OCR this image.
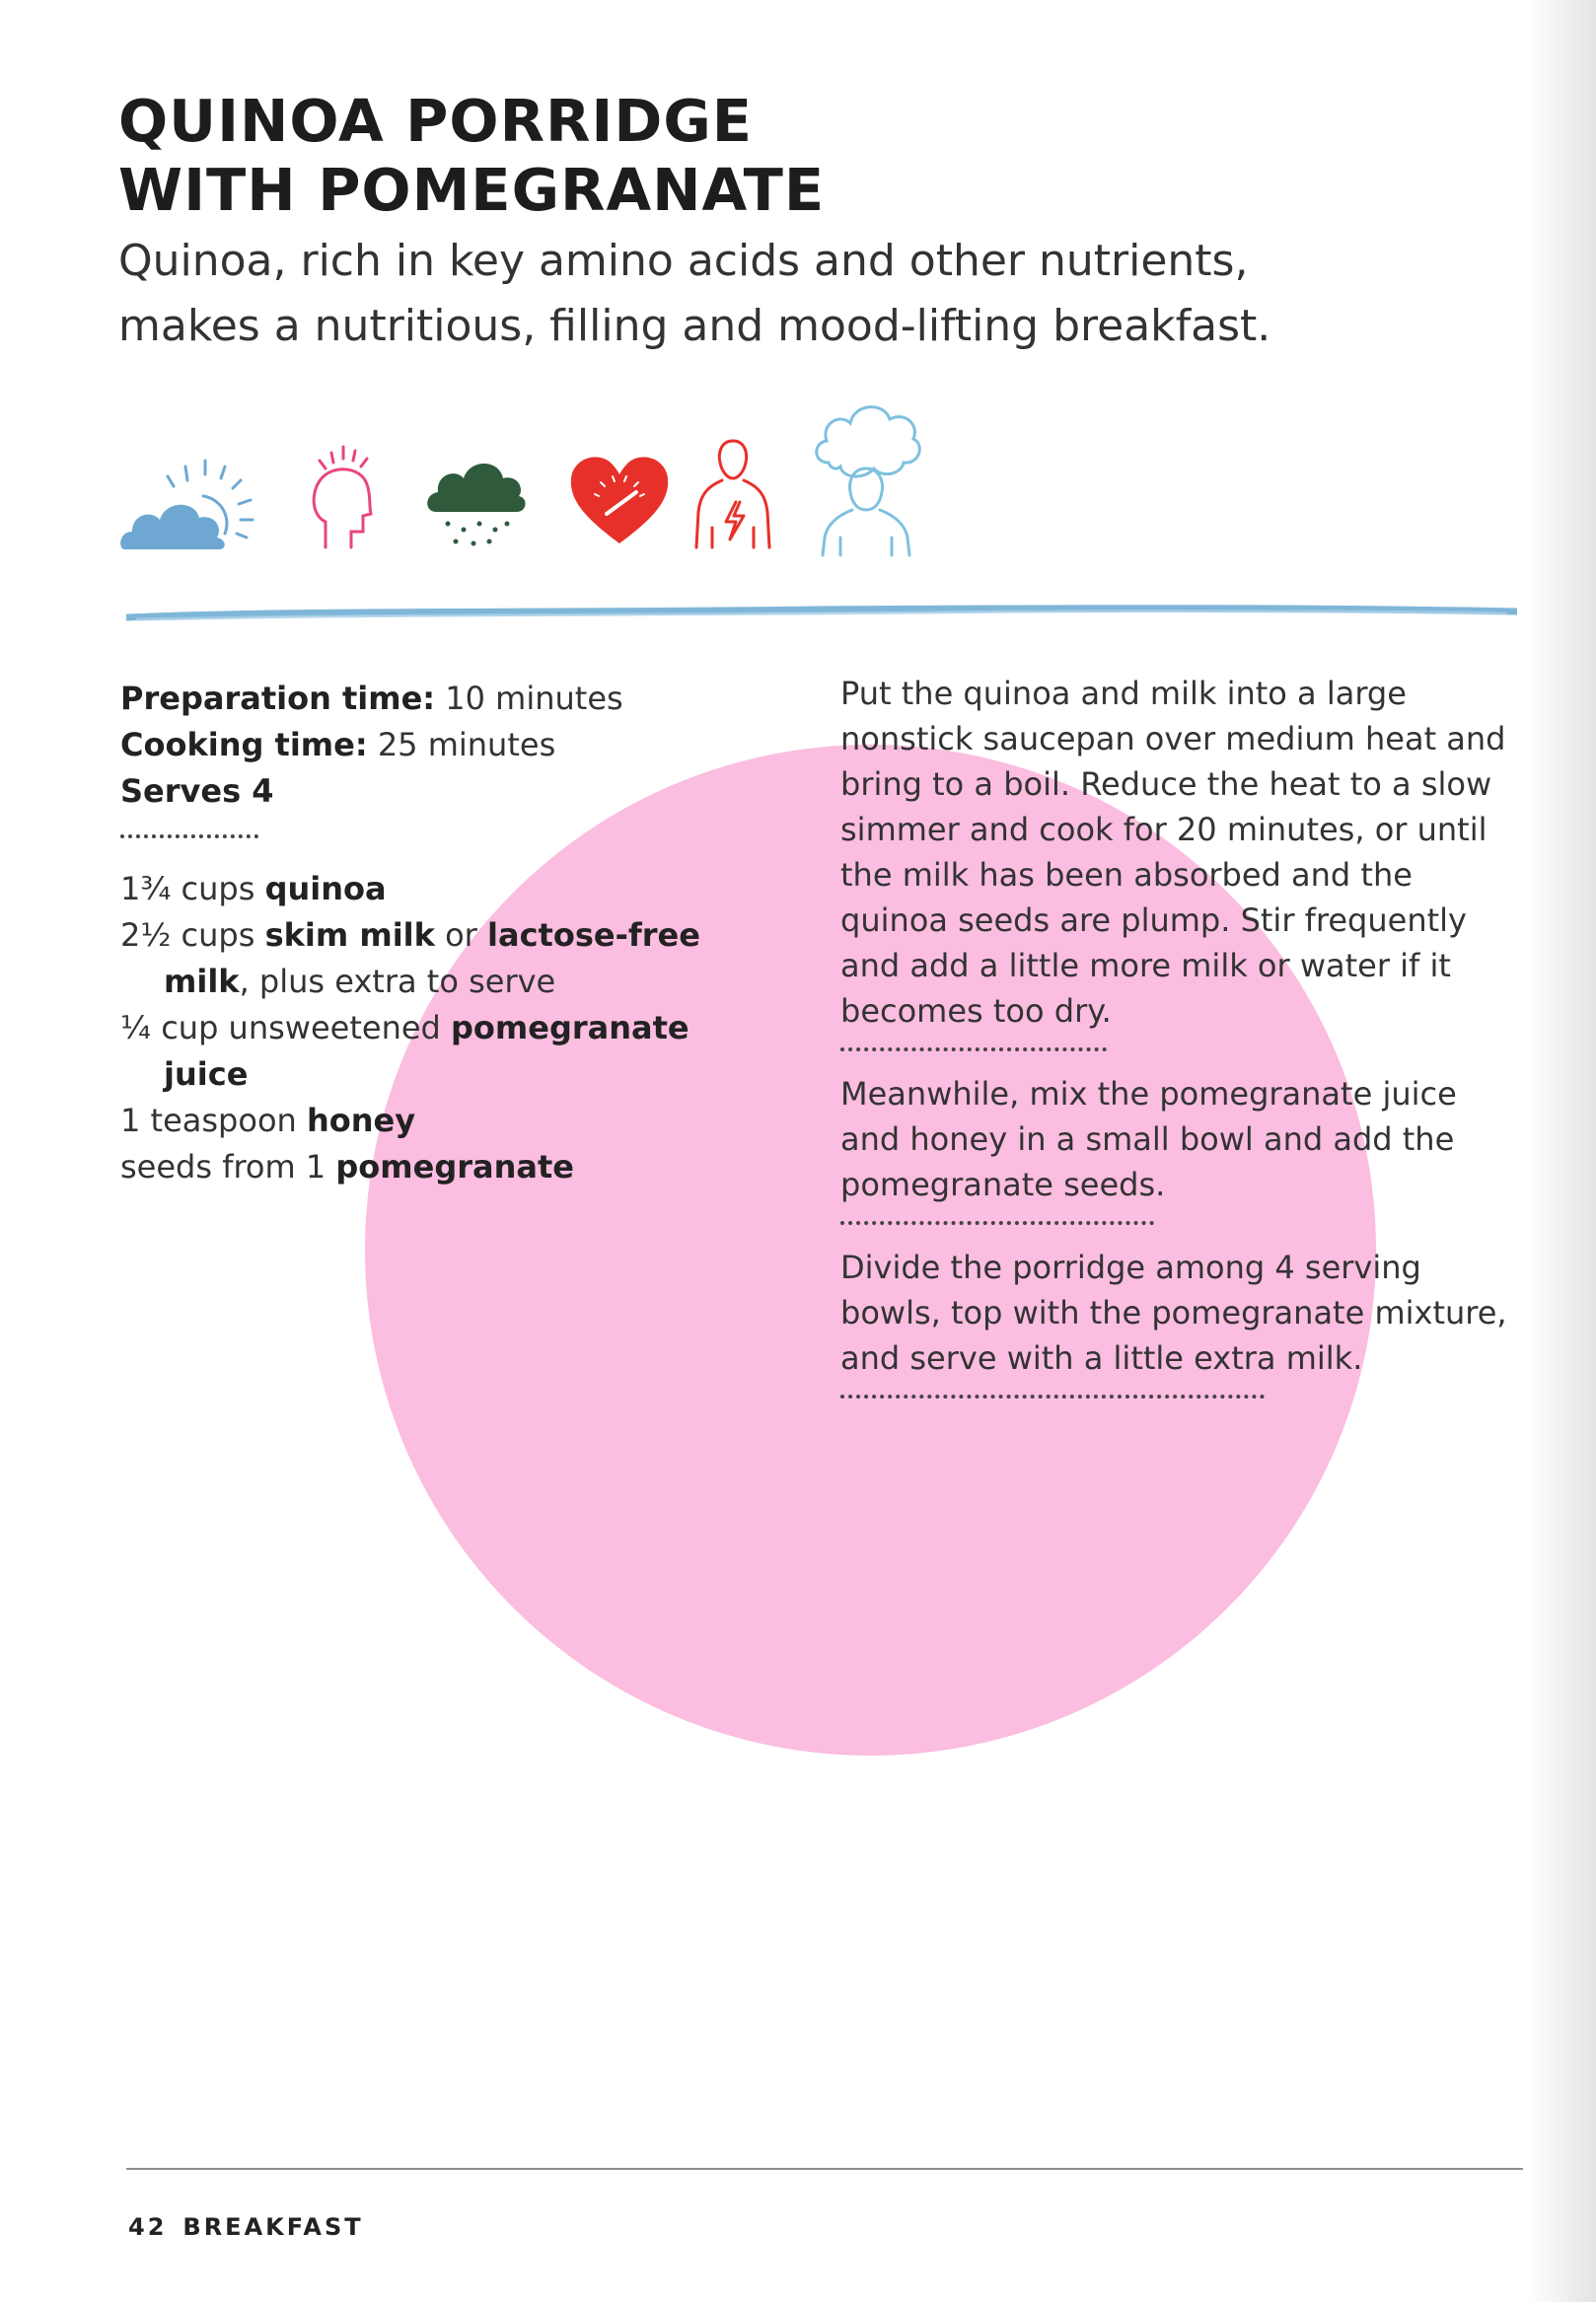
QUINOA PORRIDGE
WITH POMEGRANATE

Quinoa, rich in key amino acids and other nutrients, makes a nutritious, filling and mood-lifting breakfast.

Preparation time: 10 minutes
Cooking time: 25 minutes
Serves 4
1¾ cups quinoa
2½ cups skim milk or lactose-free milk, plus extra to serve
¼ cup unsweetened pomegranate juice
1 teaspoon honey
seeds from 1 pomegranate

Put the quinoa and milk into a large nonstick saucepan over medium heat and bring to a boil. Reduce the heat to a slow simmer and cook for 20 minutes, or until the milk has been absorbed and the quinoa seeds are plump. Stir frequently and add a little more milk or water if it becomes too dry.

Meanwhile, mix the pomegranate juice and honey in a small bowl and add the pomegranate seeds.

Divide the porridge among 4 serving bowls, top with the pomegranate mixture, and serve with a little extra milk.

42 BREAKFAST
